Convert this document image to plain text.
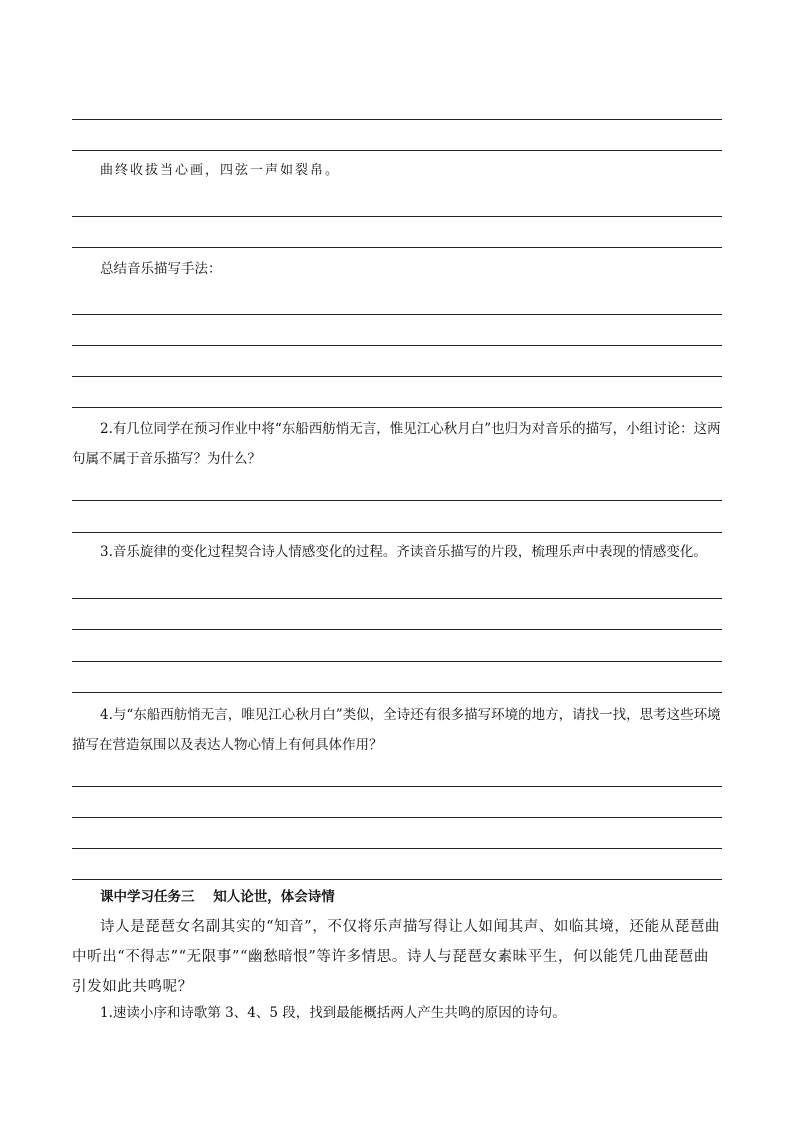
曲终收拔当心画，四弦一声如裂帛。
总结音乐描写手法：
2.有几位同学在预习作业中将“东船西舫悄无言，惟见江心秋月白”也归为对音乐的描写，小组讨论：这两句属不属于音乐描写？为什么？
3.音乐旋律的变化过程契合诗人情感变化的过程。齐读音乐描写的片段，梳理乐声中表现的情感变化。
4.与“东船西舫悄无言，唯见江心秋月白”类似，全诗还有很多描写环境的地方，请找一找，思考这些环境描写在营造氛围以及表达人物心情上有何具体作用？
课中学习任务三    知人论世，体会诗情
诗人是琵琶女名副其实的“知音”，不仅将乐声描写得让人如闻其声、如临其境，还能从琵琶曲中听出“不得志”“无限事”“幽愁暗恨”等许多情思。诗人与琵琶女素昧平生，何以能凭几曲琵琶曲引发如此共鸣呢？
1.速读小序和诗歌第 3、4、5 段，找到最能概括两人产生共鸣的原因的诗句。
